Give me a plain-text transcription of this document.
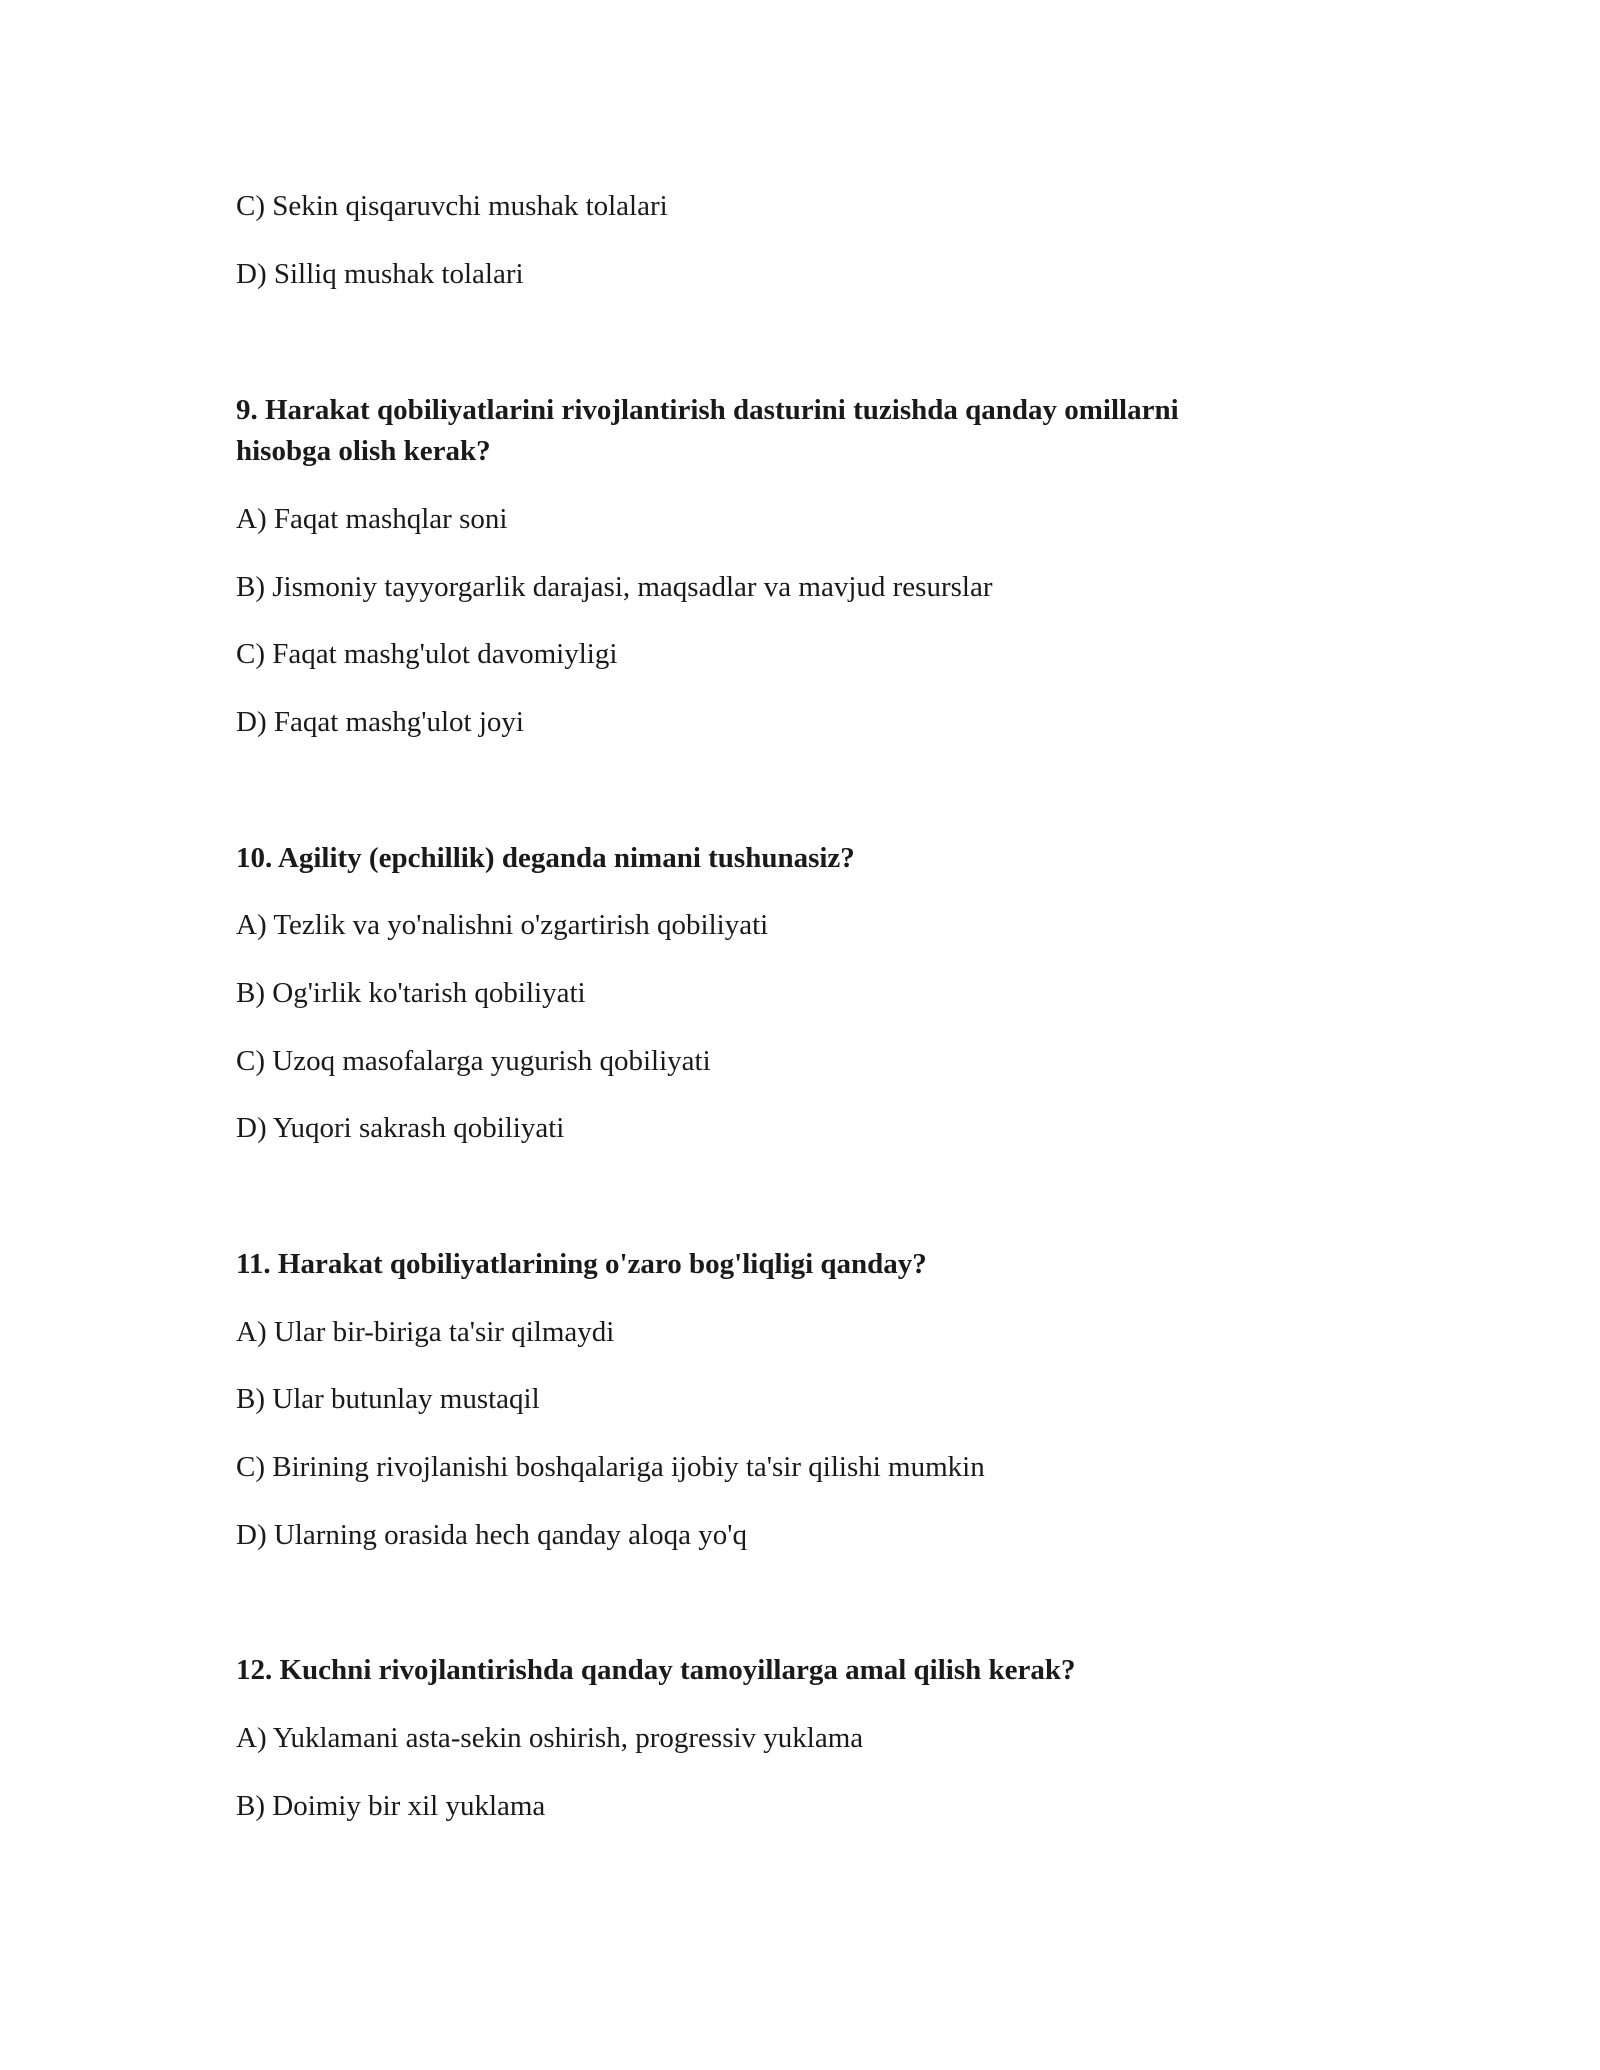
C) Sekin qisqaruvchi mushak tolalari
D) Silliq mushak tolalari
9. Harakat qobiliyatlarini rivojlantirish dasturini tuzishda qanday omillarni
hisobga olish kerak?
A) Faqat mashqlar soni
B) Jismoniy tayyorgarlik darajasi, maqsadlar va mavjud resurslar
C) Faqat mashg'ulot davomiyligi
D) Faqat mashg'ulot joyi
10. Agility (epchillik) deganda nimani tushunasiz?
A) Tezlik va yo'nalishni o'zgartirish qobiliyati
B) Og'irlik ko'tarish qobiliyati
C) Uzoq masofalarga yugurish qobiliyati
D) Yuqori sakrash qobiliyati
11. Harakat qobiliyatlarining o'zaro bog'liqligi qanday?
A) Ular bir-biriga ta'sir qilmaydi
B) Ular butunlay mustaqil
C) Birining rivojlanishi boshqalariga ijobiy ta'sir qilishi mumkin
D) Ularning orasida hech qanday aloqa yo'q
12. Kuchni rivojlantirishda qanday tamoyillarga amal qilish kerak?
A) Yuklamani asta-sekin oshirish, progressiv yuklama
B) Doimiy bir xil yuklama
